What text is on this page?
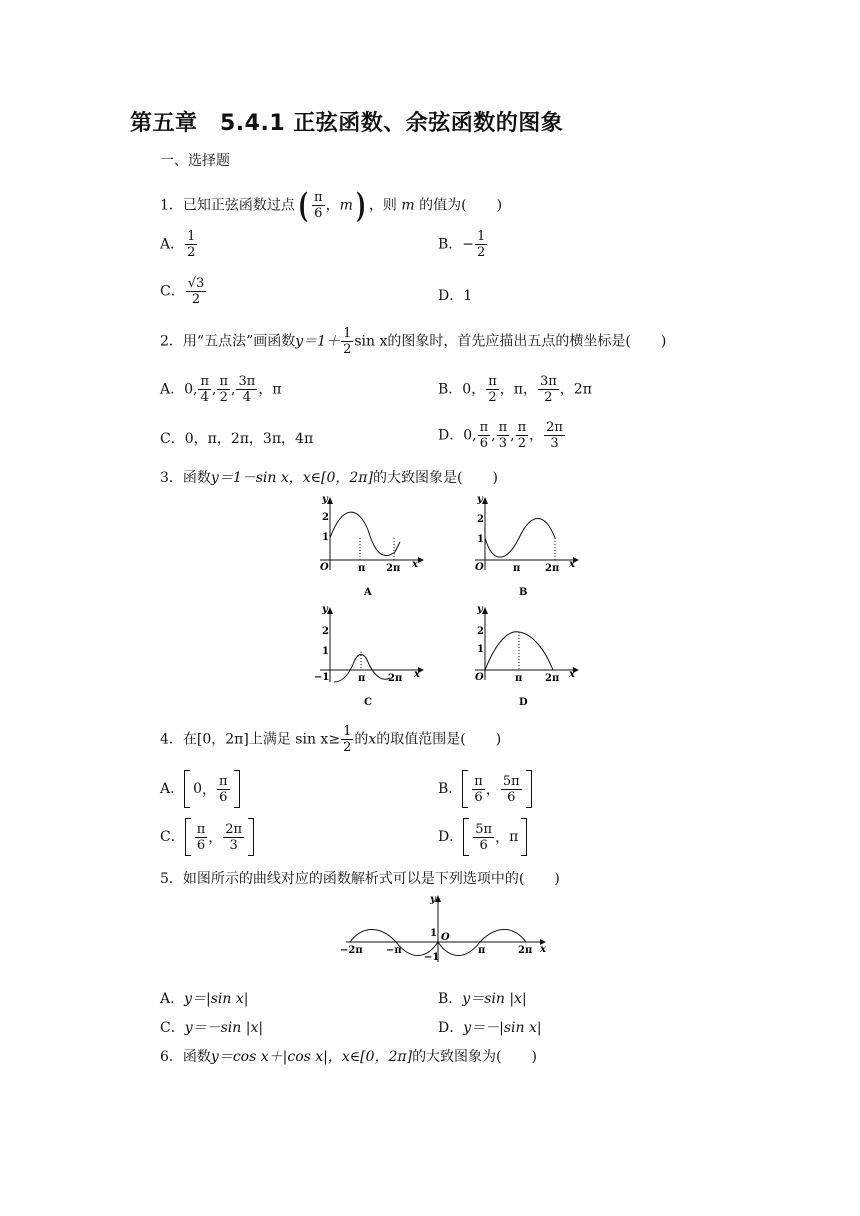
第五章　5.4.1 正弦函数、余弦函数的图象
一、选择题
1．已知正弦函数过点( $\frac{\pi}{6}$ ，m) ，则 m 的值为( )
A． $\frac{1}{2}$	B．− $\frac{1}{2}$
C． $\frac{√3}{2}$	D．1
2．用“五点法”画函数$y=1+ \frac{1}{2}$ sin x的图象时，首先应描出五点的横坐标是( )
A．0, $\frac{\pi}{4}$ , $\frac{\pi}{2}$ , $\frac{3\pi}{4}$ ，π	B．0， $\frac{\pi}{2}$ ，π， $\frac{3\pi}{2}$ ，2π
C．0，π，2π，3π，4π	D．0, $\frac{\pi}{6}$ , $\frac{\pi}{3}$ , $\frac{\pi}{2}$ ， $\frac{2\pi}{3}$
3．函数y＝1－sin x，x∈[0，2π]的大致图象是( )
2
1
O
y
π 2π x
A
2
1
O
y
π 2π x
B
2
1
−1
y
π 2π x
C
2
1
O
y
π 2π x
D
4．在[0，2π]上满足 $\sin x\ge \frac{1}{2}$ 的x的取值范围是( )
A． 0 ， $\frac{\pi}{6}$	B． $\frac{\pi}{6}$ ， $\frac{5\pi}{6}$
C． $\frac{\pi}{6}$ ， $\frac{2\pi}{3}$	D． $\frac{5\pi}{6}$ ， π
5．如图所示的曲线对应的函数解析式可以是下列选项中的( )
−2π −π	π	2π
1
−1
O
y
x
A．y＝|sin x|	B．y＝sin |x|
C．y＝－sin |x|	D．y＝－|sin x|
6．函数y＝cos x＋|cos x|，x∈[0，2π]的大致图象为( )
